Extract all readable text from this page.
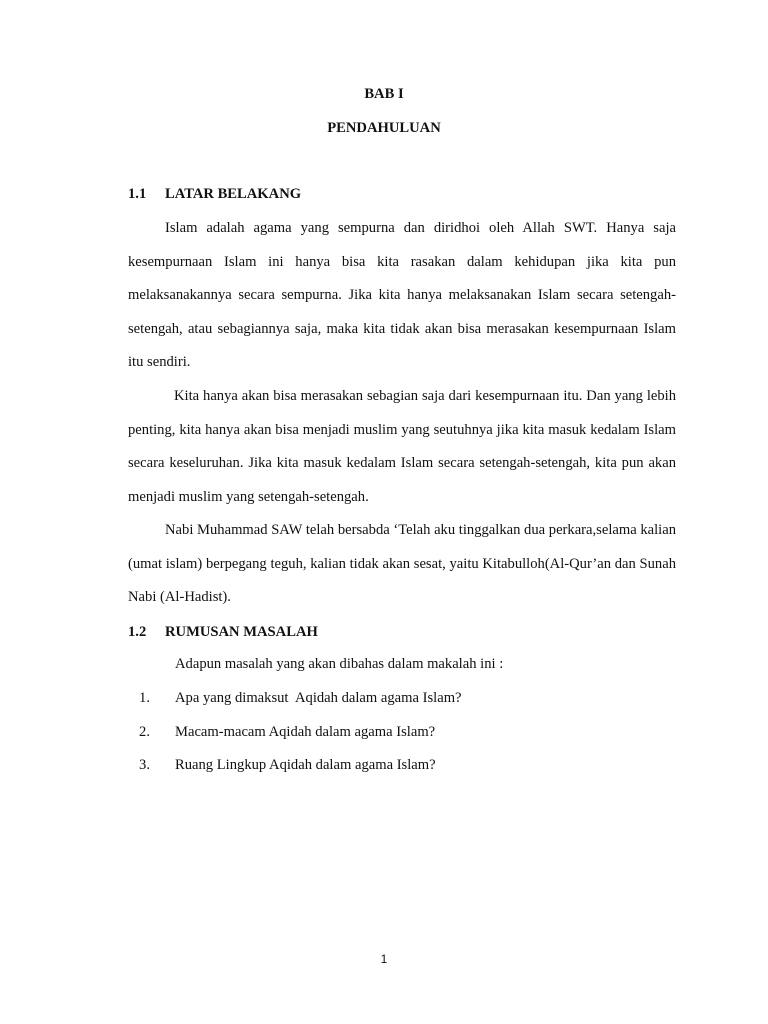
BAB I
PENDAHULUAN
1.1 LATAR BELAKANG

Islam adalah agama yang sempurna dan diridhoi oleh Allah SWT. Hanya saja kesempurnaan Islam ini hanya bisa kita rasakan dalam kehidupan jika kita pun melaksanakannya secara sempurna. Jika kita hanya melaksanakan Islam secara setengah-setengah, atau sebagiannya saja, maka kita tidak akan bisa merasakan kesempurnaan Islam itu sendiri.

Kita hanya akan bisa merasakan sebagian saja dari kesempurnaan itu. Dan yang lebih penting, kita hanya akan bisa menjadi muslim yang seutuhnya jika kita masuk kedalam Islam secara keseluruhan. Jika kita masuk kedalam Islam secara setengah-setengah, kita pun akan menjadi muslim yang setengah-setengah.

Nabi Muhammad SAW telah bersabda ‘Telah aku tinggalkan dua perkara,selama kalian (umat islam) berpegang teguh, kalian tidak akan sesat, yaitu Kitabulloh(Al-Qur’an dan Sunah Nabi (Al-Hadist).

1.2 RUMUSAN MASALAH

Adapun masalah yang akan dibahas dalam makalah ini :

1. Apa yang dimaksut  Aqidah dalam agama Islam?
2. Macam-macam Aqidah dalam agama Islam?
3. Ruang Lingkup Aqidah dalam agama Islam?
1
